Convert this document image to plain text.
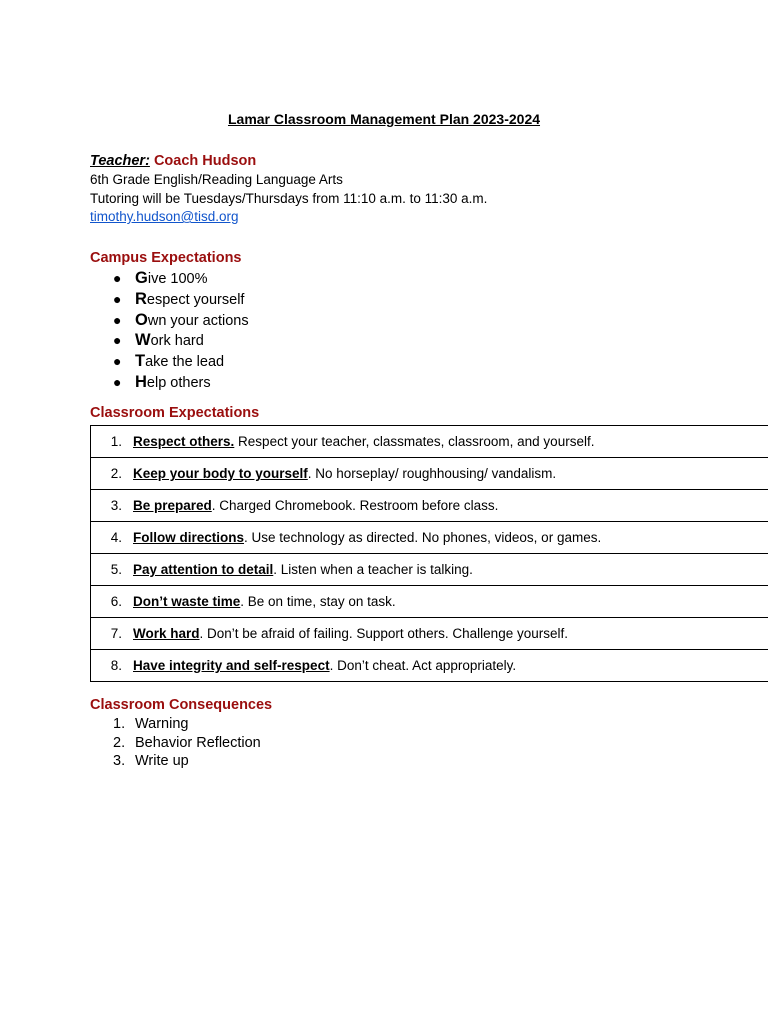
Lamar Classroom Management Plan 2023-2024
Teacher: Coach Hudson
6th Grade English/Reading Language Arts
Tutoring will be Tuesdays/Thursdays from 11:10 a.m. to 11:30 a.m.
timothy.hudson@tisd.org
Campus Expectations
● Give 100%
● Respect yourself
● Own your actions
● Work hard
● Take the lead
● Help others
Classroom Expectations
1. Respect others. Respect your teacher, classmates, classroom, and yourself.
2. Keep your body to yourself. No horseplay/ roughhousing/ vandalism.
3. Be prepared. Charged Chromebook. Restroom before class.
4. Follow directions. Use technology as directed. No phones, videos, or games.
5. Pay attention to detail. Listen when a teacher is talking.
6. Don’t waste time. Be on time, stay on task.
7. Work hard. Don’t be afraid of failing. Support others. Challenge yourself.
8. Have integrity and self-respect. Don’t cheat. Act appropriately.
Classroom Consequences
1. Warning
2. Behavior Reflection
3. Write up
